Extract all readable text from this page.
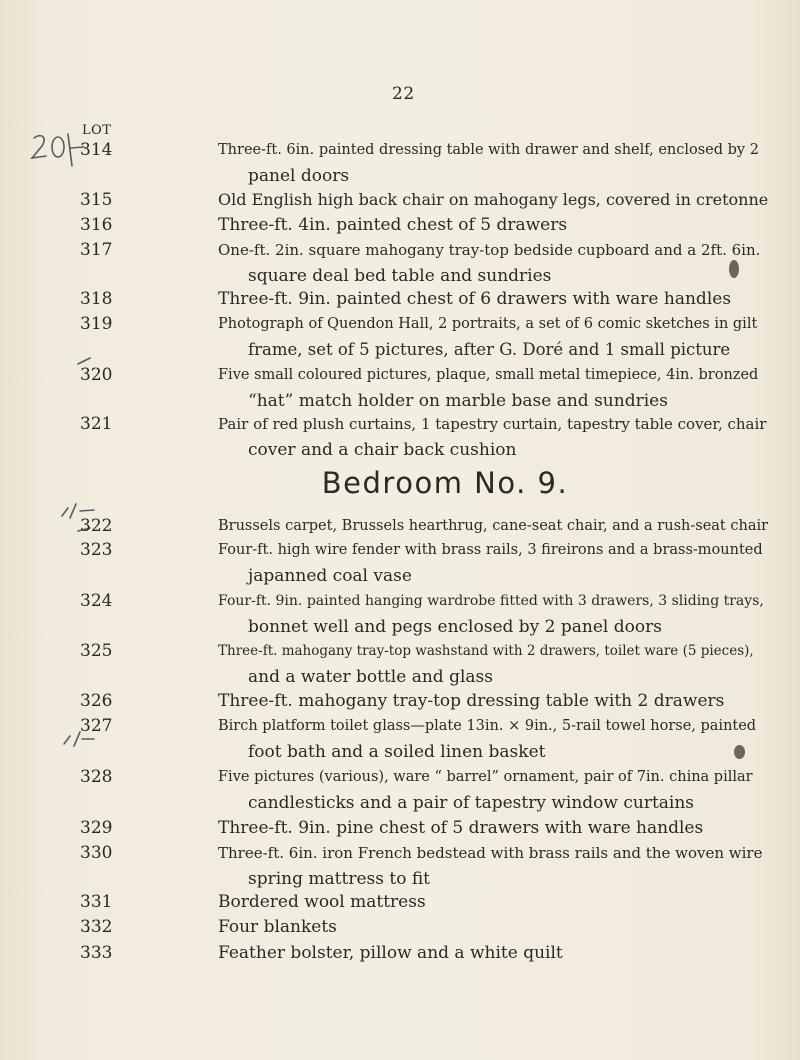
22
LOT
Bedroom No. 9.
314	Three-ft. 6in. painted dressing table with drawer and shelf, enclosed by 2
panel doors
315	Old English high back chair on mahogany legs, covered in cretonne
316	Three-ft. 4in. painted chest of 5 drawers
317	One-ft. 2in. square mahogany tray-top bedside cupboard and a 2ft. 6in.
square deal bed table and sundries
318	Three-ft. 9in. painted chest of 6 drawers with ware handles
319	Photograph of Quendon Hall, 2 portraits, a set of 6 comic sketches in gilt
frame, set of 5 pictures, after G. Doré and 1 small picture
320	Five small coloured pictures, plaque, small metal timepiece, 4in. bronzed
“hat” match holder on marble base and sundries
321	Pair of red plush curtains, 1 tapestry curtain, tapestry table cover, chair
cover and a chair back cushion
322	Brussels carpet, Brussels hearthrug, cane-seat chair, and a rush-seat chair
323	Four-ft. high wire fender with brass rails, 3 fireirons and a brass-mounted
japanned coal vase
324	Four-ft. 9in. painted hanging wardrobe fitted with 3 drawers, 3 sliding trays,
bonnet well and pegs enclosed by 2 panel doors
325	Three-ft. mahogany tray-top washstand with 2 drawers, toilet ware (5 pieces),
and a water bottle and glass
326	Three-ft. mahogany tray-top dressing table with 2 drawers
327	Birch platform toilet glass—plate 13in. × 9in., 5-rail towel horse, painted
foot bath and a soiled linen basket
328	Five pictures (various), ware “ barrel” ornament, pair of 7in. china pillar
candlesticks and a pair of tapestry window curtains
329	Three-ft. 9in. pine chest of 5 drawers with ware handles
330	Three-ft. 6in. iron French bedstead with brass rails and the woven wire
spring mattress to fit
331	Bordered wool mattress
332	Four blankets
333	Feather bolster, pillow and a white quilt
